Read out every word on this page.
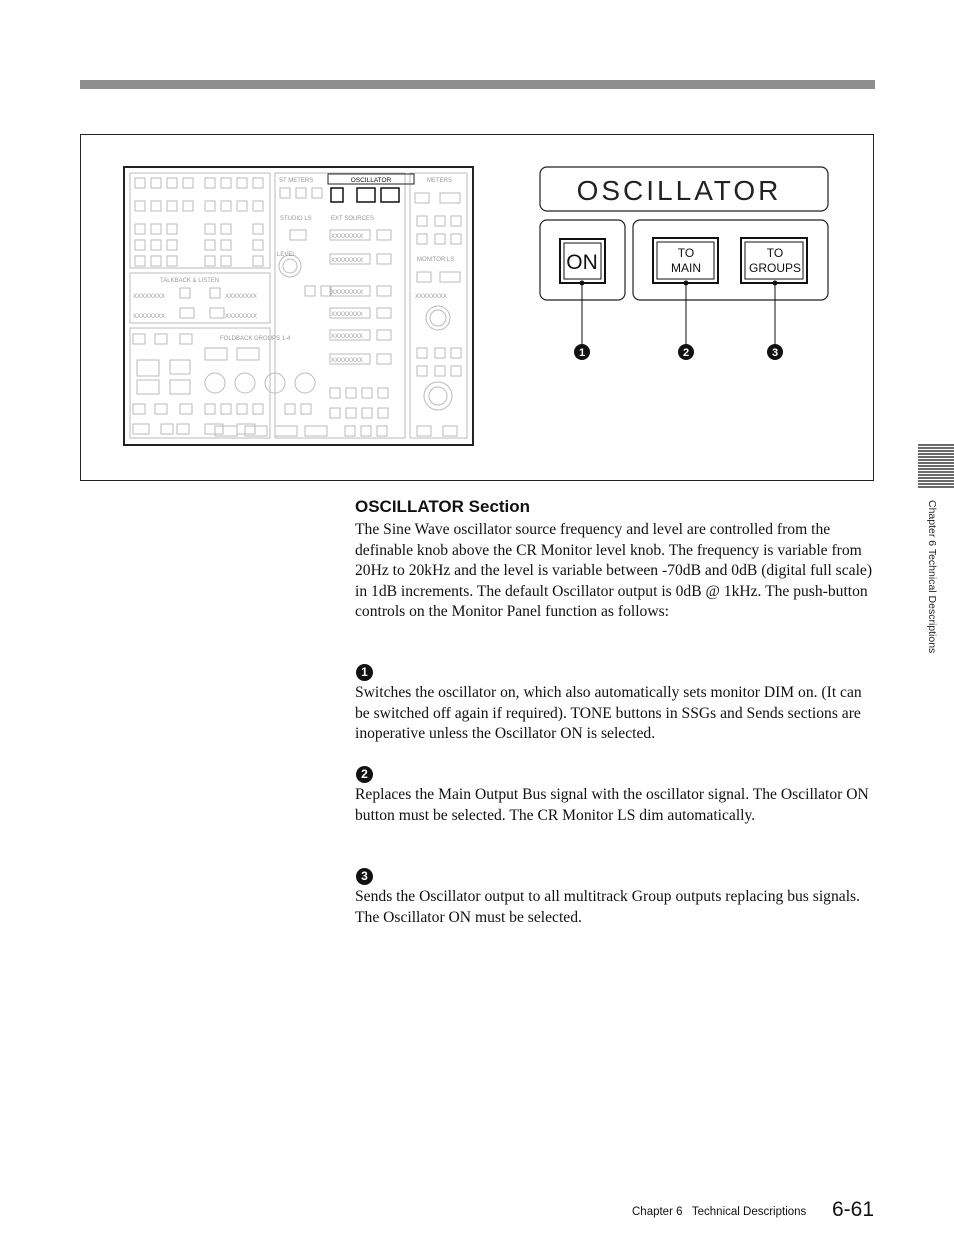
OSCILLATOR
ST METERS	METERS
STUDIO LS	EXT SOURCES
MONITOR LS
TALKBACK & LISTEN
FOLDBACK GROUPS 1-4
XXXXXXXX	XXXXXXXX
XXXXXXXX	XXXXXXXX
XXXXXXXX
XXXXXXXX
XXXXXXXX
XXXXXXXX
XXXXXXXX
XXXXXXXX
XXXXXXXX
LEVEL
OSCILLATOR
ON	TO
MAIN
TO
GROUPS
1	2	3
OSCILLATOR Section
The Sine Wave oscillator source frequency and level are controlled from the definable knob above the CR Monitor level knob. The frequency is variable from 20Hz to 20kHz and the level is variable between -70dB and 0dB (digital full scale) in 1dB increments. The default Oscillator output is 0dB @ 1kHz. The push-button controls on the Monitor Panel function as follows:
1
Switches the oscillator on, which also automatically sets monitor DIM on. (It can be switched off again if required). TONE buttons in SSGs and Sends sections are inoperative unless the Oscillator ON is selected.
2
Replaces the Main Output Bus signal with the oscillator signal. The Oscillator ON button must be selected. The CR Monitor LS dim automatically.
3
Sends the Oscillator output to all multitrack Group outputs replacing bus signals. The Oscillator ON must be selected.
Chapter 6 Technical Descriptions
Chapter 6   Technical Descriptions 6-61
